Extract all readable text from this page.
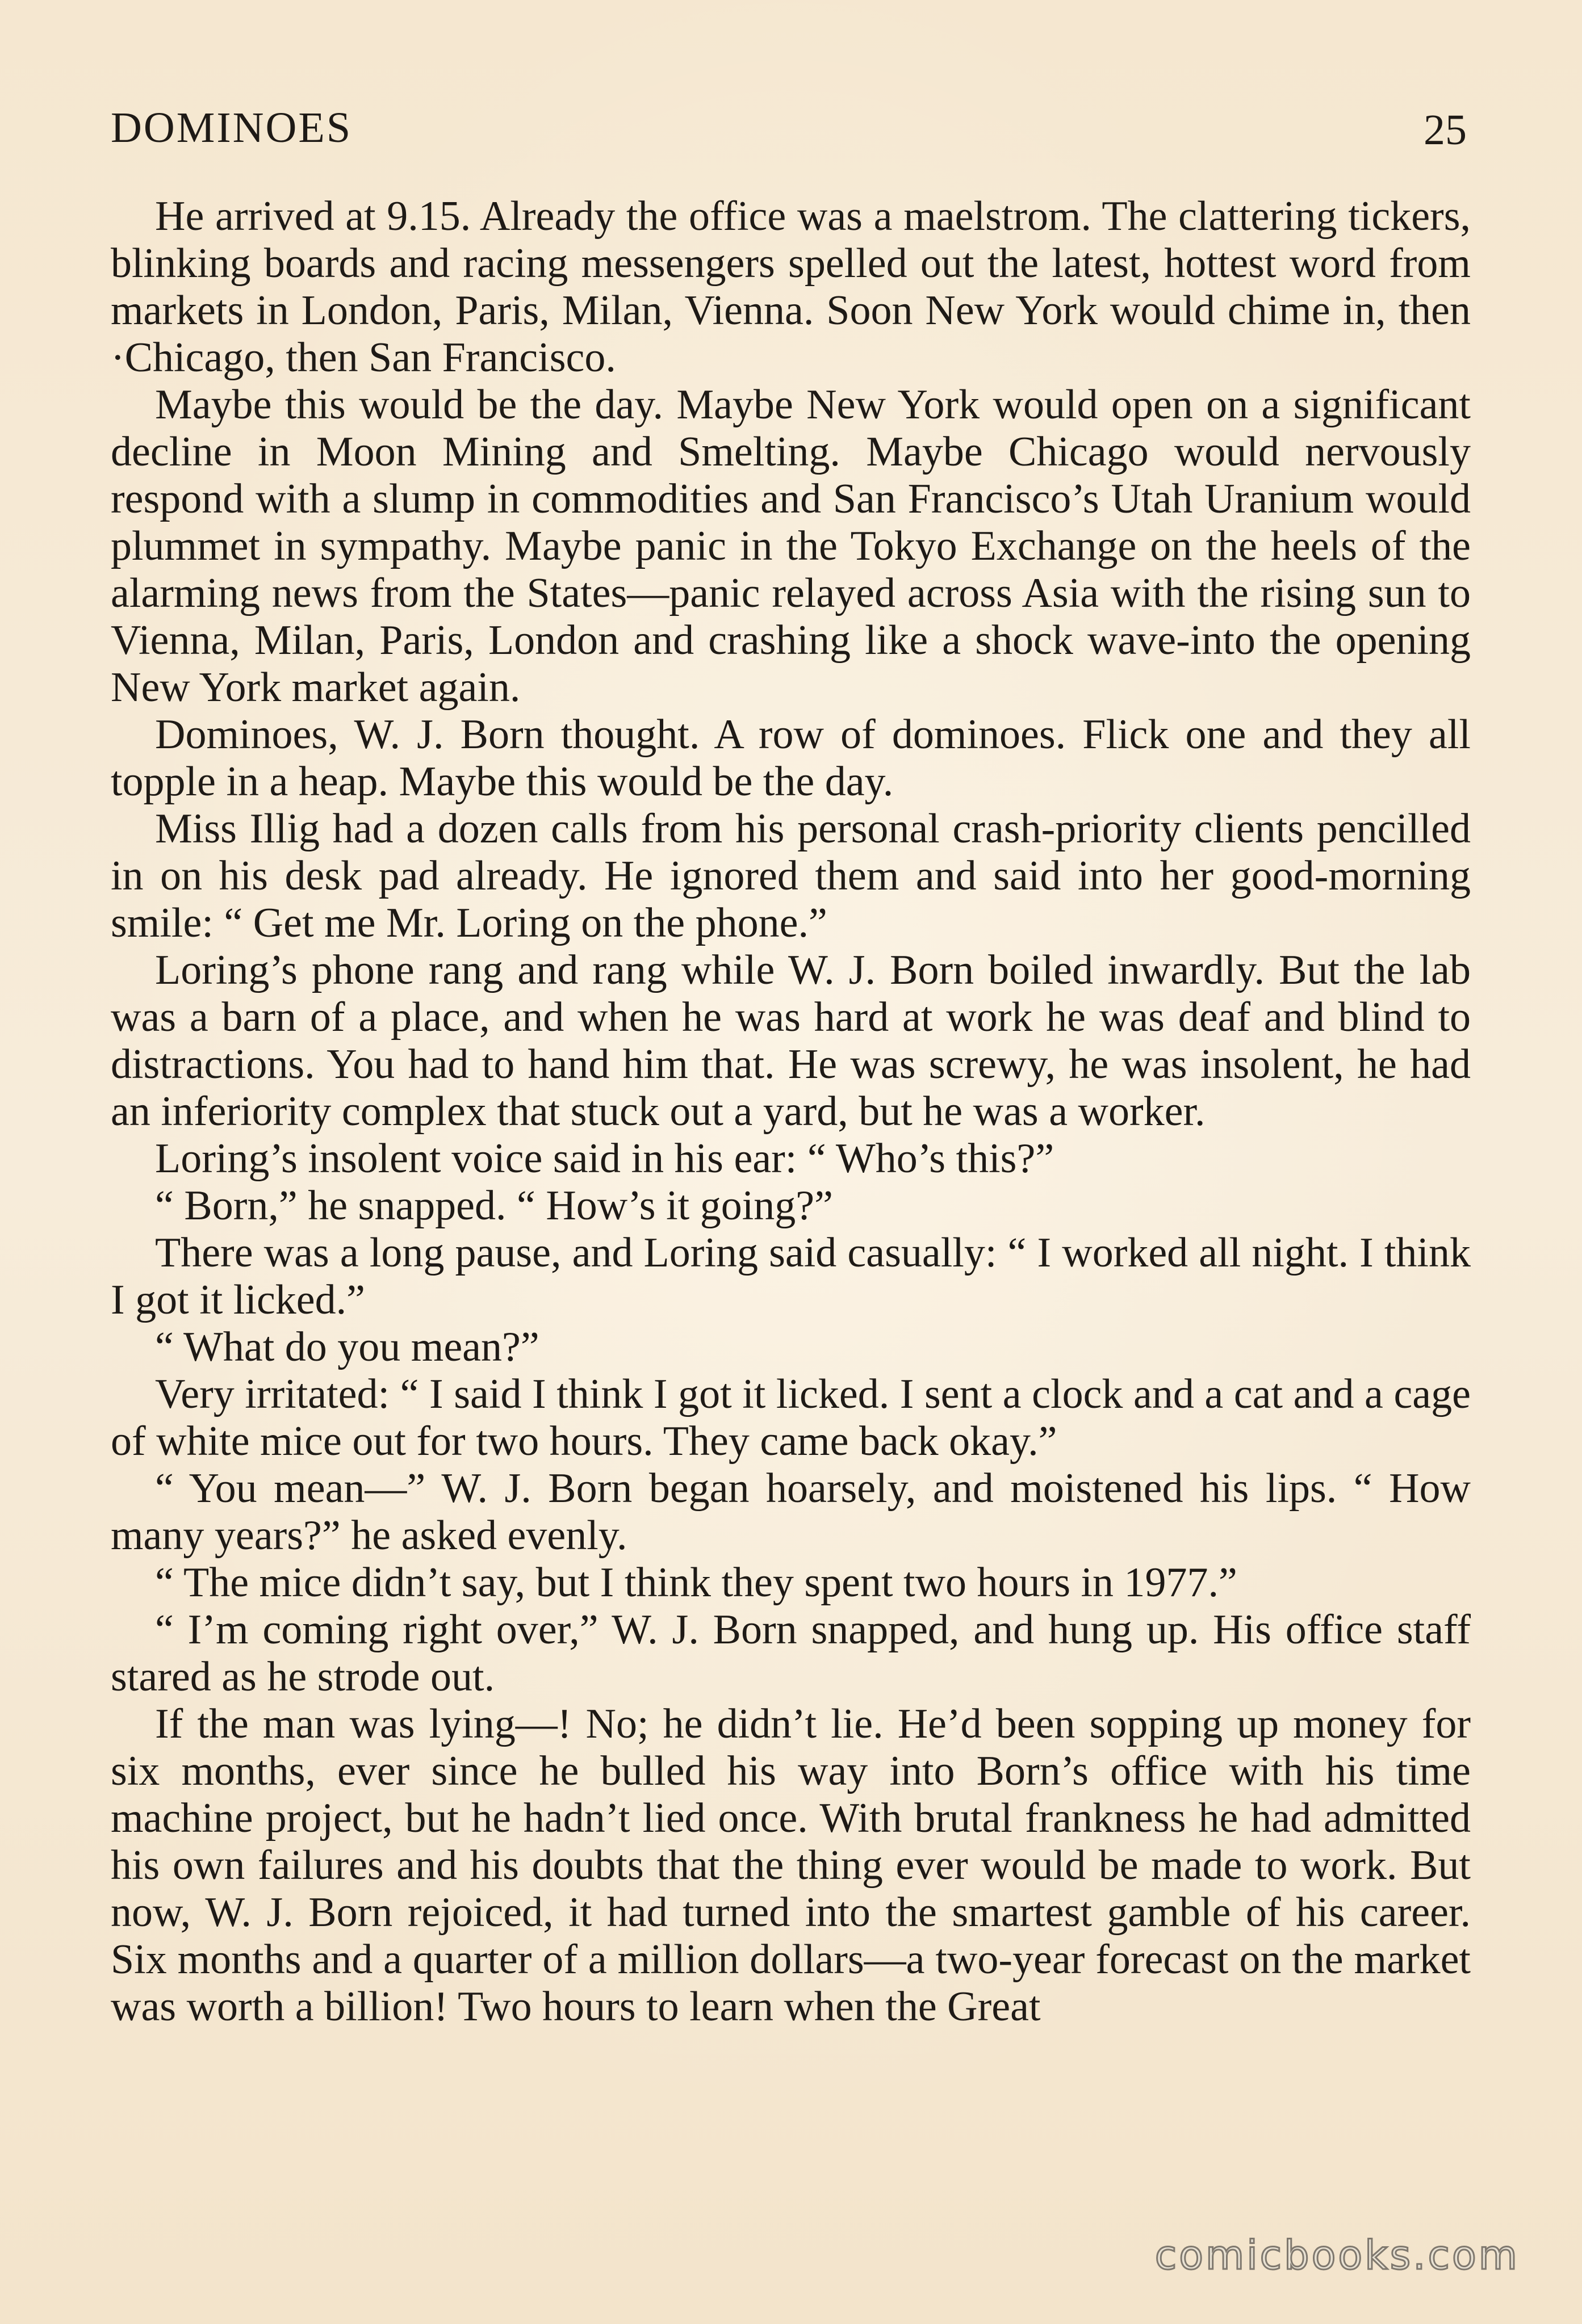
DOMINOES	25

He arrived at 9.15. Already the office was a maelstrom. The clattering tickers, blinking boards and racing messengers spelled out the latest, hottest word from markets in London, Paris, Milan, Vienna. Soon New York would chime in, then ·Chicago, then San Francisco.

Maybe this would be the day. Maybe New York would open on a significant decline in Moon Mining and Smelting. Maybe Chicago would nervously respond with a slump in commodities and San Francisco’s Utah Uranium would plummet in sympathy. Maybe panic in the Tokyo Exchange on the heels of the alarming news from the States—panic relayed across Asia with the rising sun to Vienna, Milan, Paris, London and crashing like a shock wave-into the opening New York market again.

Dominoes, W. J. Born thought. A row of dominoes. Flick one and they all topple in a heap. Maybe this would be the day.

Miss Illig had a dozen calls from his personal crash-priority clients pencilled in on his desk pad already. He ignored them and said into her good-morning smile: “ Get me Mr. Loring on the phone.”

Loring’s phone rang and rang while W. J. Born boiled inwardly. But the lab was a barn of a place, and when he was hard at work he was deaf and blind to distractions. You had to hand him that. He was screwy, he was insolent, he had an inferiority complex that stuck out a yard, but he was a worker.

Loring’s insolent voice said in his ear: “ Who’s this?”

“ Born,” he snapped. “ How’s it going?”

There was a long pause, and Loring said casually: “ I worked all night. I think I got it licked.”

“ What do you mean?”

Very irritated: “ I said I think I got it licked. I sent a clock and a cat and a cage of white mice out for two hours. They came back okay.”

“ You mean—” W. J. Born began hoarsely, and moistened his lips. “ How many years?” he asked evenly.

“ The mice didn’t say, but I think they spent two hours in 1977.”

“ I’m coming right over,” W. J. Born snapped, and hung up. His office staff stared as he strode out.

If the man was lying—! No; he didn’t lie. He’d been sopping up money for six months, ever since he bulled his way into Born’s office with his time machine project, but he hadn’t lied once. With brutal frankness he had admitted his own failures and his doubts that the thing ever would be made to work. But now, W. J. Born rejoiced, it had turned into the smartest gamble of his career. Six months and a quarter of a million dollars—a two-year forecast on the market was worth a billion! Two hours to learn when the Great

comicbooks.com
